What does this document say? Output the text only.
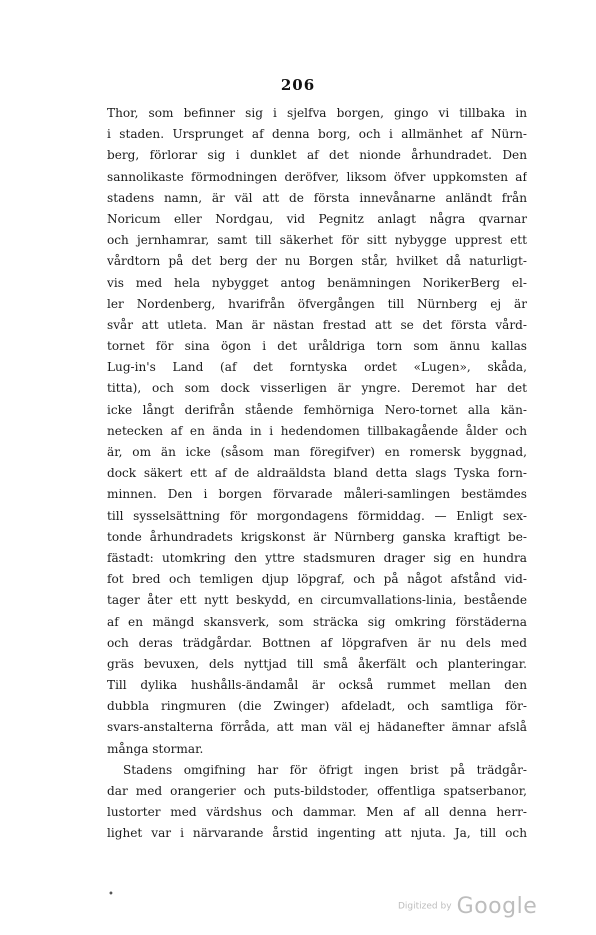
206
Thor, som befinner sig i sjelfva borgen, gingo vi tillbaka in
i staden. Ursprunget af denna borg, och i allmänhet af Nürn-
berg, förlorar sig i dunklet af det nionde århundradet. Den
sannolikaste förmodningen deröfver, liksom öfver uppkomsten af
stadens namn, är väl att de första innevånarne anländt från
Noricum eller Nordgau, vid Pegnitz anlagt några qvarnar
och jernhamrar, samt till säkerhet för sitt nybygge upprest ett
vårdtorn på det berg der nu Borgen står, hvilket då naturligt-
vis med hela nybygget antog benämningen NorikerBerg el-
ler Nordenberg, hvarifrån öfvergången till Nürnberg ej är
svår att utleta. Man är nästan frestad att se det första vård-
tornet för sina ögon i det uråldriga torn som ännu kallas
Lug-in's Land (af det forntyska ordet «Lugen», skåda,
titta), och som dock visserligen är yngre. Deremot har det
icke långt derifrån stående femhörniga Nero-tornet alla kän-
netecken af en ända in i hedendomen tillbakagående ålder och
är, om än icke (såsom man föregifver) en romersk byggnad,
dock säkert ett af de aldraäldsta bland detta slags Tyska forn-
minnen. Den i borgen förvarade måleri-samlingen bestämdes
till sysselsättning för morgondagens förmiddag. — Enligt sex-
tonde århundradets krigskonst är Nürnberg ganska kraftigt be-
fästadt: utomkring den yttre stadsmuren drager sig en hundra
fot bred och temligen djup löpgraf, och på något afstånd vid-
tager åter ett nytt beskydd, en circumvallations-linia, bestående
af en mängd skansverk, som sträcka sig omkring förstäderna
och deras trädgårdar. Bottnen af löpgrafven är nu dels med
gräs bevuxen, dels nyttjad till små åkerfält och planteringar.
Till dylika hushålls-ändamål är också rummet mellan den
dubbla ringmuren (die Zwinger) afdeladt, och samtliga för-
svars-anstalterna förråda, att man väl ej hädanefter ämnar afslå
många stormar.
Stadens omgifning har för öfrigt ingen brist på trädgår-
dar med orangerier och puts-bildstoder, offentliga spatserbanor,
lustorter med värdshus och dammar. Men af all denna herr-
lighet var i närvarande årstid ingenting att njuta. Ja, till och
•
Digitized by Google
